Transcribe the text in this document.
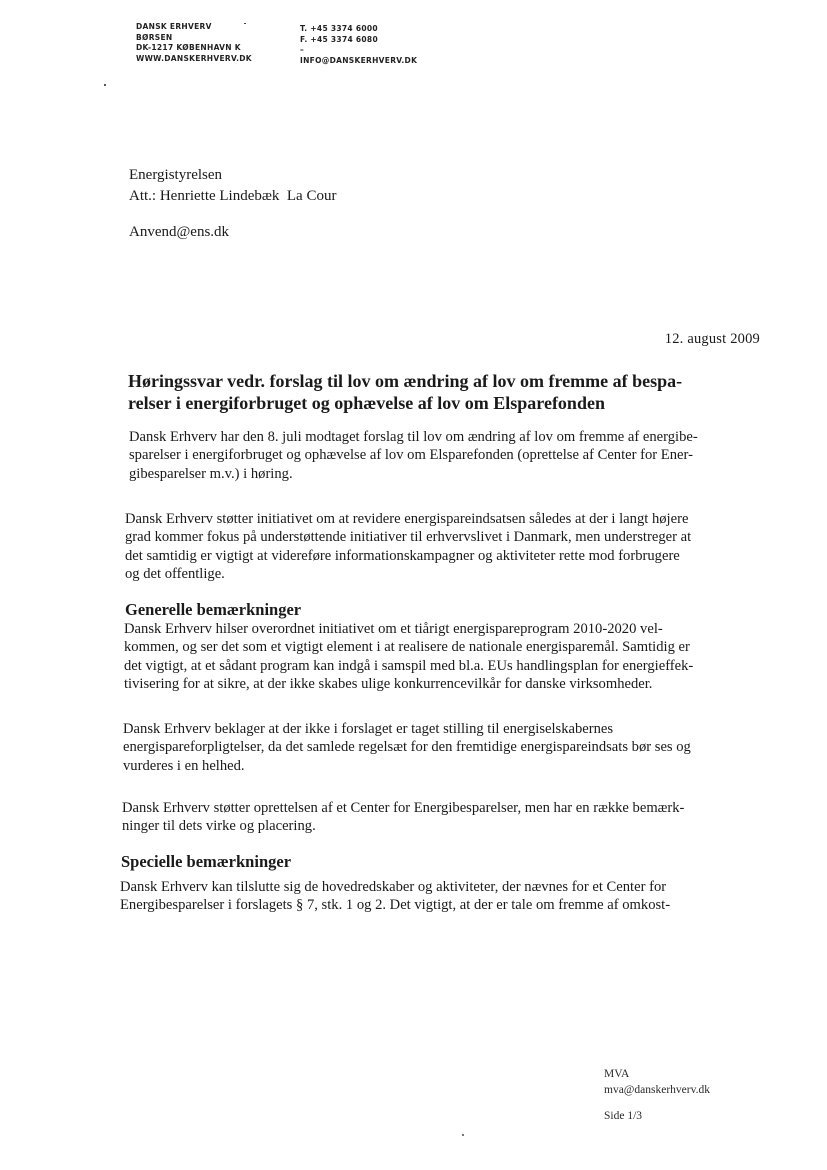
DANSK ERHVERV
BØRSEN
DK-1217 KØBENHAVN K
WWW.DANSKERHVERV.DK
T. +45 3374 6000
F. +45 3374 6080
–
INFO@DANSKERHVERV.DK
Energistyrelsen
Att.: Henriette Lindebæk  La Cour
Anvend@ens.dk
12. august 2009
Høringssvar vedr. forslag til lov om ændring af lov om fremme af bespa-
relser i energiforbruget og ophævelse af lov om Elsparefonden
Dansk Erhverv har den 8. juli modtaget forslag til lov om ændring af lov om fremme af energibe-
sparelser i energiforbruget og ophævelse af lov om Elsparefonden (oprettelse af Center for Ener-
gibesparelser m.v.) i høring.
Dansk Erhverv støtter initiativet om at revidere energispareindsatsen således at der i langt højere
grad kommer fokus på understøttende initiativer til erhvervslivet i Danmark, men understreger at
det samtidig er vigtigt at videreføre informationskampagner og aktiviteter rette mod forbrugere
og det offentlige.
Generelle bemærkninger
Dansk Erhverv hilser overordnet initiativet om et tiårigt energispareprogram 2010-2020 vel-
kommen, og ser det som et vigtigt element i at realisere de nationale energisparemål. Samtidig er
det vigtigt, at et sådant program kan indgå i samspil med bl.a. EUs handlingsplan for energieffek-
tivisering for at sikre, at der ikke skabes ulige konkurrencevilkår for danske virksomheder.
Dansk Erhverv beklager at der ikke i forslaget er taget stilling til energiselskabernes
energispareforpligtelser, da det samlede regelsæt for den fremtidige energispareindsats bør ses og
vurderes i en helhed.
Dansk Erhverv støtter oprettelsen af et Center for Energibesparelser, men har en række bemærk-
ninger til dets virke og placering.
Specielle bemærkninger
Dansk Erhverv kan tilslutte sig de hovedredskaber og aktiviteter, der nævnes for et Center for
Energibesparelser i forslagets § 7, stk. 1 og 2. Det vigtigt, at der er tale om fremme af omkost-
MVA
mva@danskerhverv.dk
Side 1/3
